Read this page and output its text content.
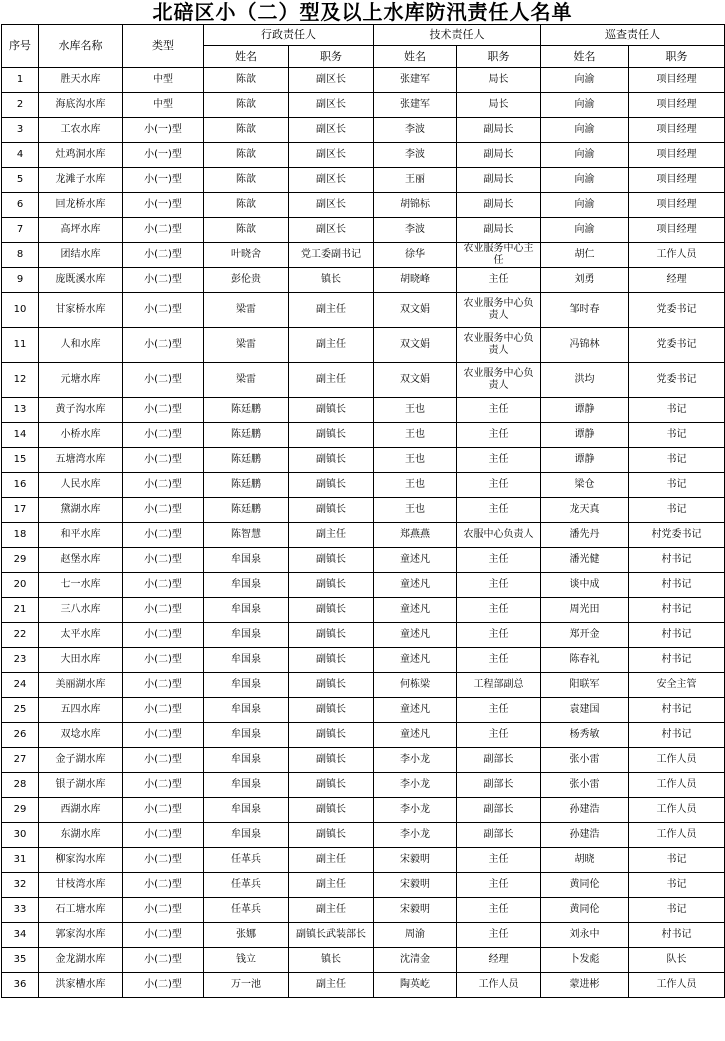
北碚区小（二）型及以上水库防汛责任人名单
序号	水库名称	类型	行政责任人		技术责任人		巡查责任人	
			姓名	职务	姓名	职务	姓名	职务
1	胜天水库	中型	陈歆	副区长	张建军	局长	向渝	项目经理
2	海底沟水库	中型	陈歆	副区长	张建军	局长	向渝	项目经理
3	工农水库	小(一)型	陈歆	副区长	李波	副局长	向渝	项目经理
4	灶鸡洞水库	小(一)型	陈歆	副区长	李波	副局长	向渝	项目经理
5	龙滩子水库	小(一)型	陈歆	副区长	王丽	副局长	向渝	项目经理
6	回龙桥水库	小(一)型	陈歆	副区长	胡锦标	副局长	向渝	项目经理
7	高坪水库	小(二)型	陈歆	副区长	李波	副局长	向渝	项目经理
8	团结水库	小(二)型	叶晓舍	党工委副书记	徐华	农业服务中心主任	胡仁	工作人员
9	庞既溪水库	小(二)型	彭伦贵	镇长	胡晓峰	主任	刘勇	经理
10	甘家桥水库	小(二)型	梁雷	副主任	双文娟	农业服务中心负责人	邹时春	党委书记
11	人和水库	小(二)型	梁雷	副主任	双文娟	农业服务中心负责人	冯锦林	党委书记
12	元塘水库	小(二)型	梁雷	副主任	双文娟	农业服务中心负责人	洪均	党委书记
13	黄子沟水库	小(二)型	陈廷鹏	副镇长	王也	主任	谭静	书记
14	小桥水库	小(二)型	陈廷鹏	副镇长	王也	主任	谭静	书记
15	五塘湾水库	小(二)型	陈廷鹏	副镇长	王也	主任	谭静	书记
16	人民水库	小(二)型	陈廷鹏	副镇长	王也	主任	梁仓	书记
17	黛湖水库	小(二)型	陈廷鹏	副镇长	王也	主任	龙天真	书记
18	和平水库	小(二)型	陈智慧	副主任	郑燕燕	农服中心负责人	潘先丹	村党委书记
29	赵堡水库	小(二)型	牟国泉	副镇长	童述凡	主任	潘光健	村书记
20	七一水库	小(二)型	牟国泉	副镇长	童述凡	主任	谈中成	村书记
21	三八水库	小(二)型	牟国泉	副镇长	童述凡	主任	周光田	村书记
22	太平水库	小(二)型	牟国泉	副镇长	童述凡	主任	郑开金	村书记
23	大田水库	小(二)型	牟国泉	副镇长	童述凡	主任	陈春礼	村书记
24	美丽湖水库	小(二)型	牟国泉	副镇长	何栋梁	工程部副总	阳联军	安全主管
25	五四水库	小(二)型	牟国泉	副镇长	童述凡	主任	袁建国	村书记
26	双埝水库	小(二)型	牟国泉	副镇长	童述凡	主任	杨秀敏	村书记
27	金子湖水库	小(二)型	牟国泉	副镇长	李小龙	副部长	张小雷	工作人员
28	银子湖水库	小(二)型	牟国泉	副镇长	李小龙	副部长	张小雷	工作人员
29	西湖水库	小(二)型	牟国泉	副镇长	李小龙	副部长	孙建浩	工作人员
30	东湖水库	小(二)型	牟国泉	副镇长	李小龙	副部长	孙建浩	工作人员
31	柳家沟水库	小(二)型	任革兵	副主任	宋毅明	主任	胡晓	书记
32	甘枝湾水库	小(二)型	任革兵	副主任	宋毅明	主任	黄同伦	书记
33	石工塘水库	小(二)型	任革兵	副主任	宋毅明	主任	黄同伦	书记
34	郭家沟水库	小(二)型	张娜	副镇长武装部长	周渝	主任	刘永中	村书记
35	金龙湖水库	小(二)型	钱立	镇长	沈清金	经理	卜发彪	队长
36	洪家槽水库	小(二)型	万一池	副主任	陶英屹	工作人员	蒙进彬	工作人员
